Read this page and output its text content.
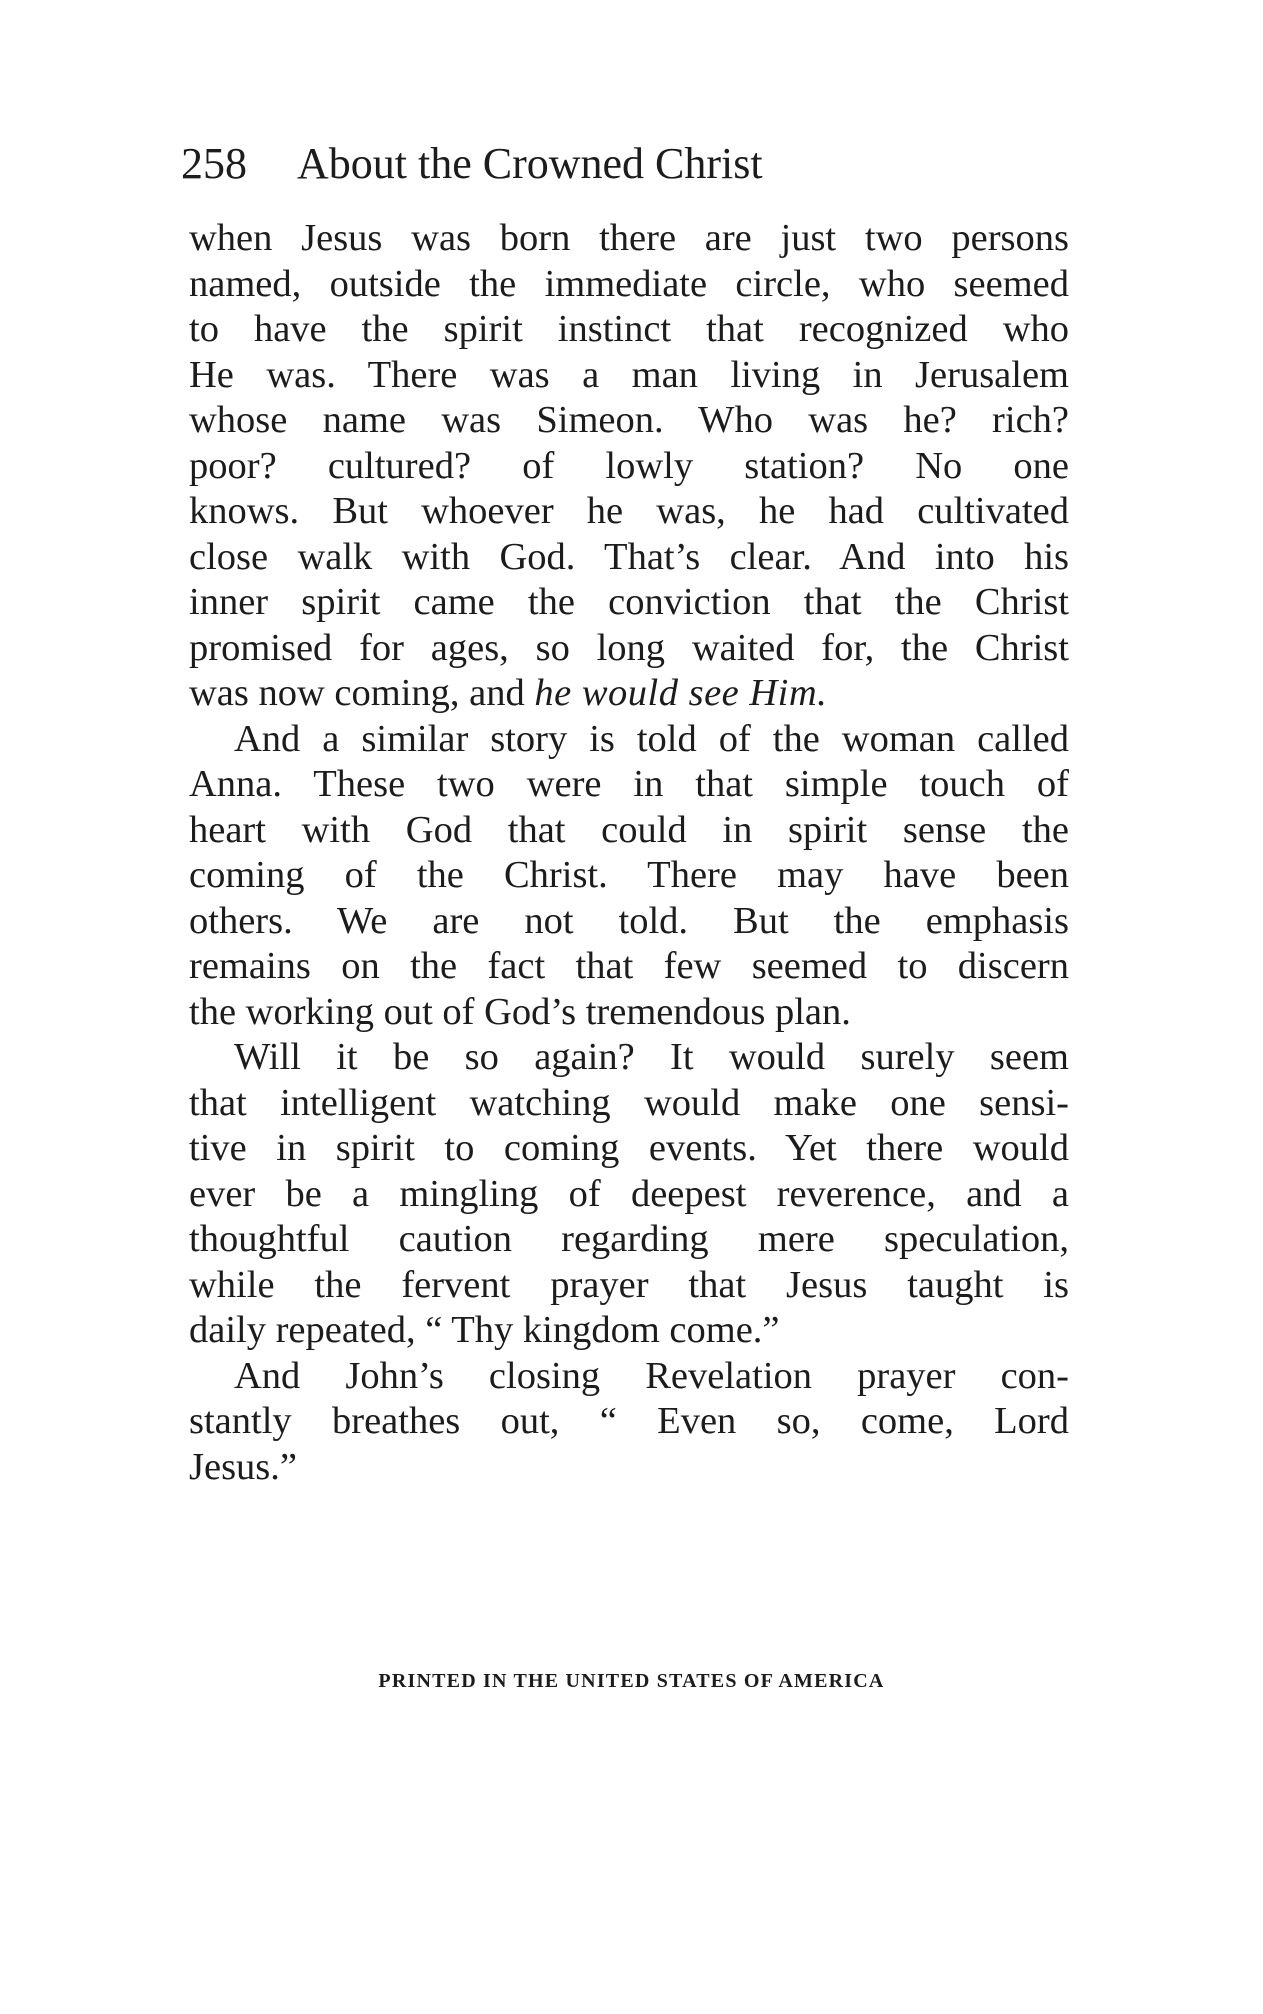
258 About the Crowned Christ
when Jesus was born there are just two persons
named, outside the immediate circle, who seemed
to have the spirit instinct that recognized who
He was. There was a man living in Jerusalem
whose name was Simeon. Who was he? rich?
poor? cultured? of lowly station? No one
knows. But whoever he was, he had cultivated
close walk with God. That’s clear. And into his
inner spirit came the conviction that the Christ
promised for ages, so long waited for, the Christ
was now coming, and he would see Him.
And a similar story is told of the woman called
Anna. These two were in that simple touch of
heart with God that could in spirit sense the
coming of the Christ. There may have been
others. We are not told. But the emphasis
remains on the fact that few seemed to discern
the working out of God’s tremendous plan.
Will it be so again? It would surely seem
that intelligent watching would make one sensi-
tive in spirit to coming events. Yet there would
ever be a mingling of deepest reverence, and a
thoughtful caution regarding mere speculation,
while the fervent prayer that Jesus taught is
daily repeated, “ Thy kingdom come.”
And John’s closing Revelation prayer con-
stantly breathes out, “ Even so, come, Lord
Jesus.”
PRINTED IN THE UNITED STATES OF AMERICA
